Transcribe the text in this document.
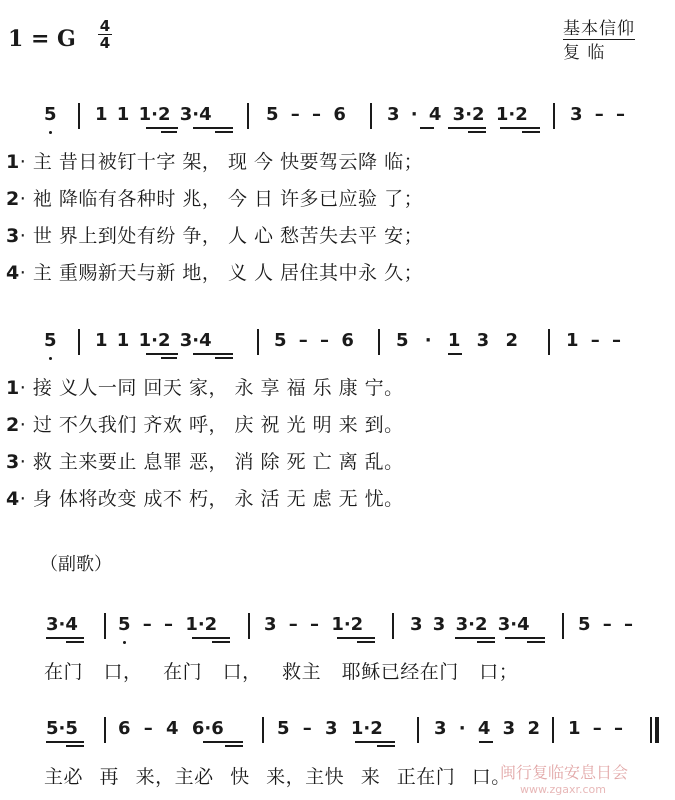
1 = G 4
4
基本信仰
复 临
5 1 1 1·2 3·4	5 – – 6 3 · 4 3·2 1·2 3 – –
1· 主 昔日被钉十字 架， 现 今 快要驾云降 临；
2· 祂 降临有各种时 兆， 今 日 许多已应验 了；
3· 世 界上到处有纷 争， 人 心 愁苦失去平 安；
4· 主 重赐新天与新 地， 义 人 居住其中永 久；
5 1 1 1·2 3·4	5 – – 6 5 · 1 3 2	1 – –
1· 接 义人一同 回天 家， 永 享 福 乐 康 宁。
2· 过 不久我们 齐欢 呼， 庆 祝 光 明 来 到。
3· 救 主来要止 息罪 恶， 消 除 死 亡 离 乱。
4· 身 体将改变 成不 朽， 永 活 无 虑 无 忧。
（副歌）
3·4 5 – – 1·2	3 – – 1·2	3 3 3·2 3·4	5 – –
在门 口， 在门 口， 救主 耶稣已经在门 口；
5·5 6 – 4 6·6	5 – 3 1·2	3 · 4 3 2 1 – –
主必 再 来，主必 快 来，主快 来 正在门 口。
闽行复临安息日会
www.zgaxr.com
